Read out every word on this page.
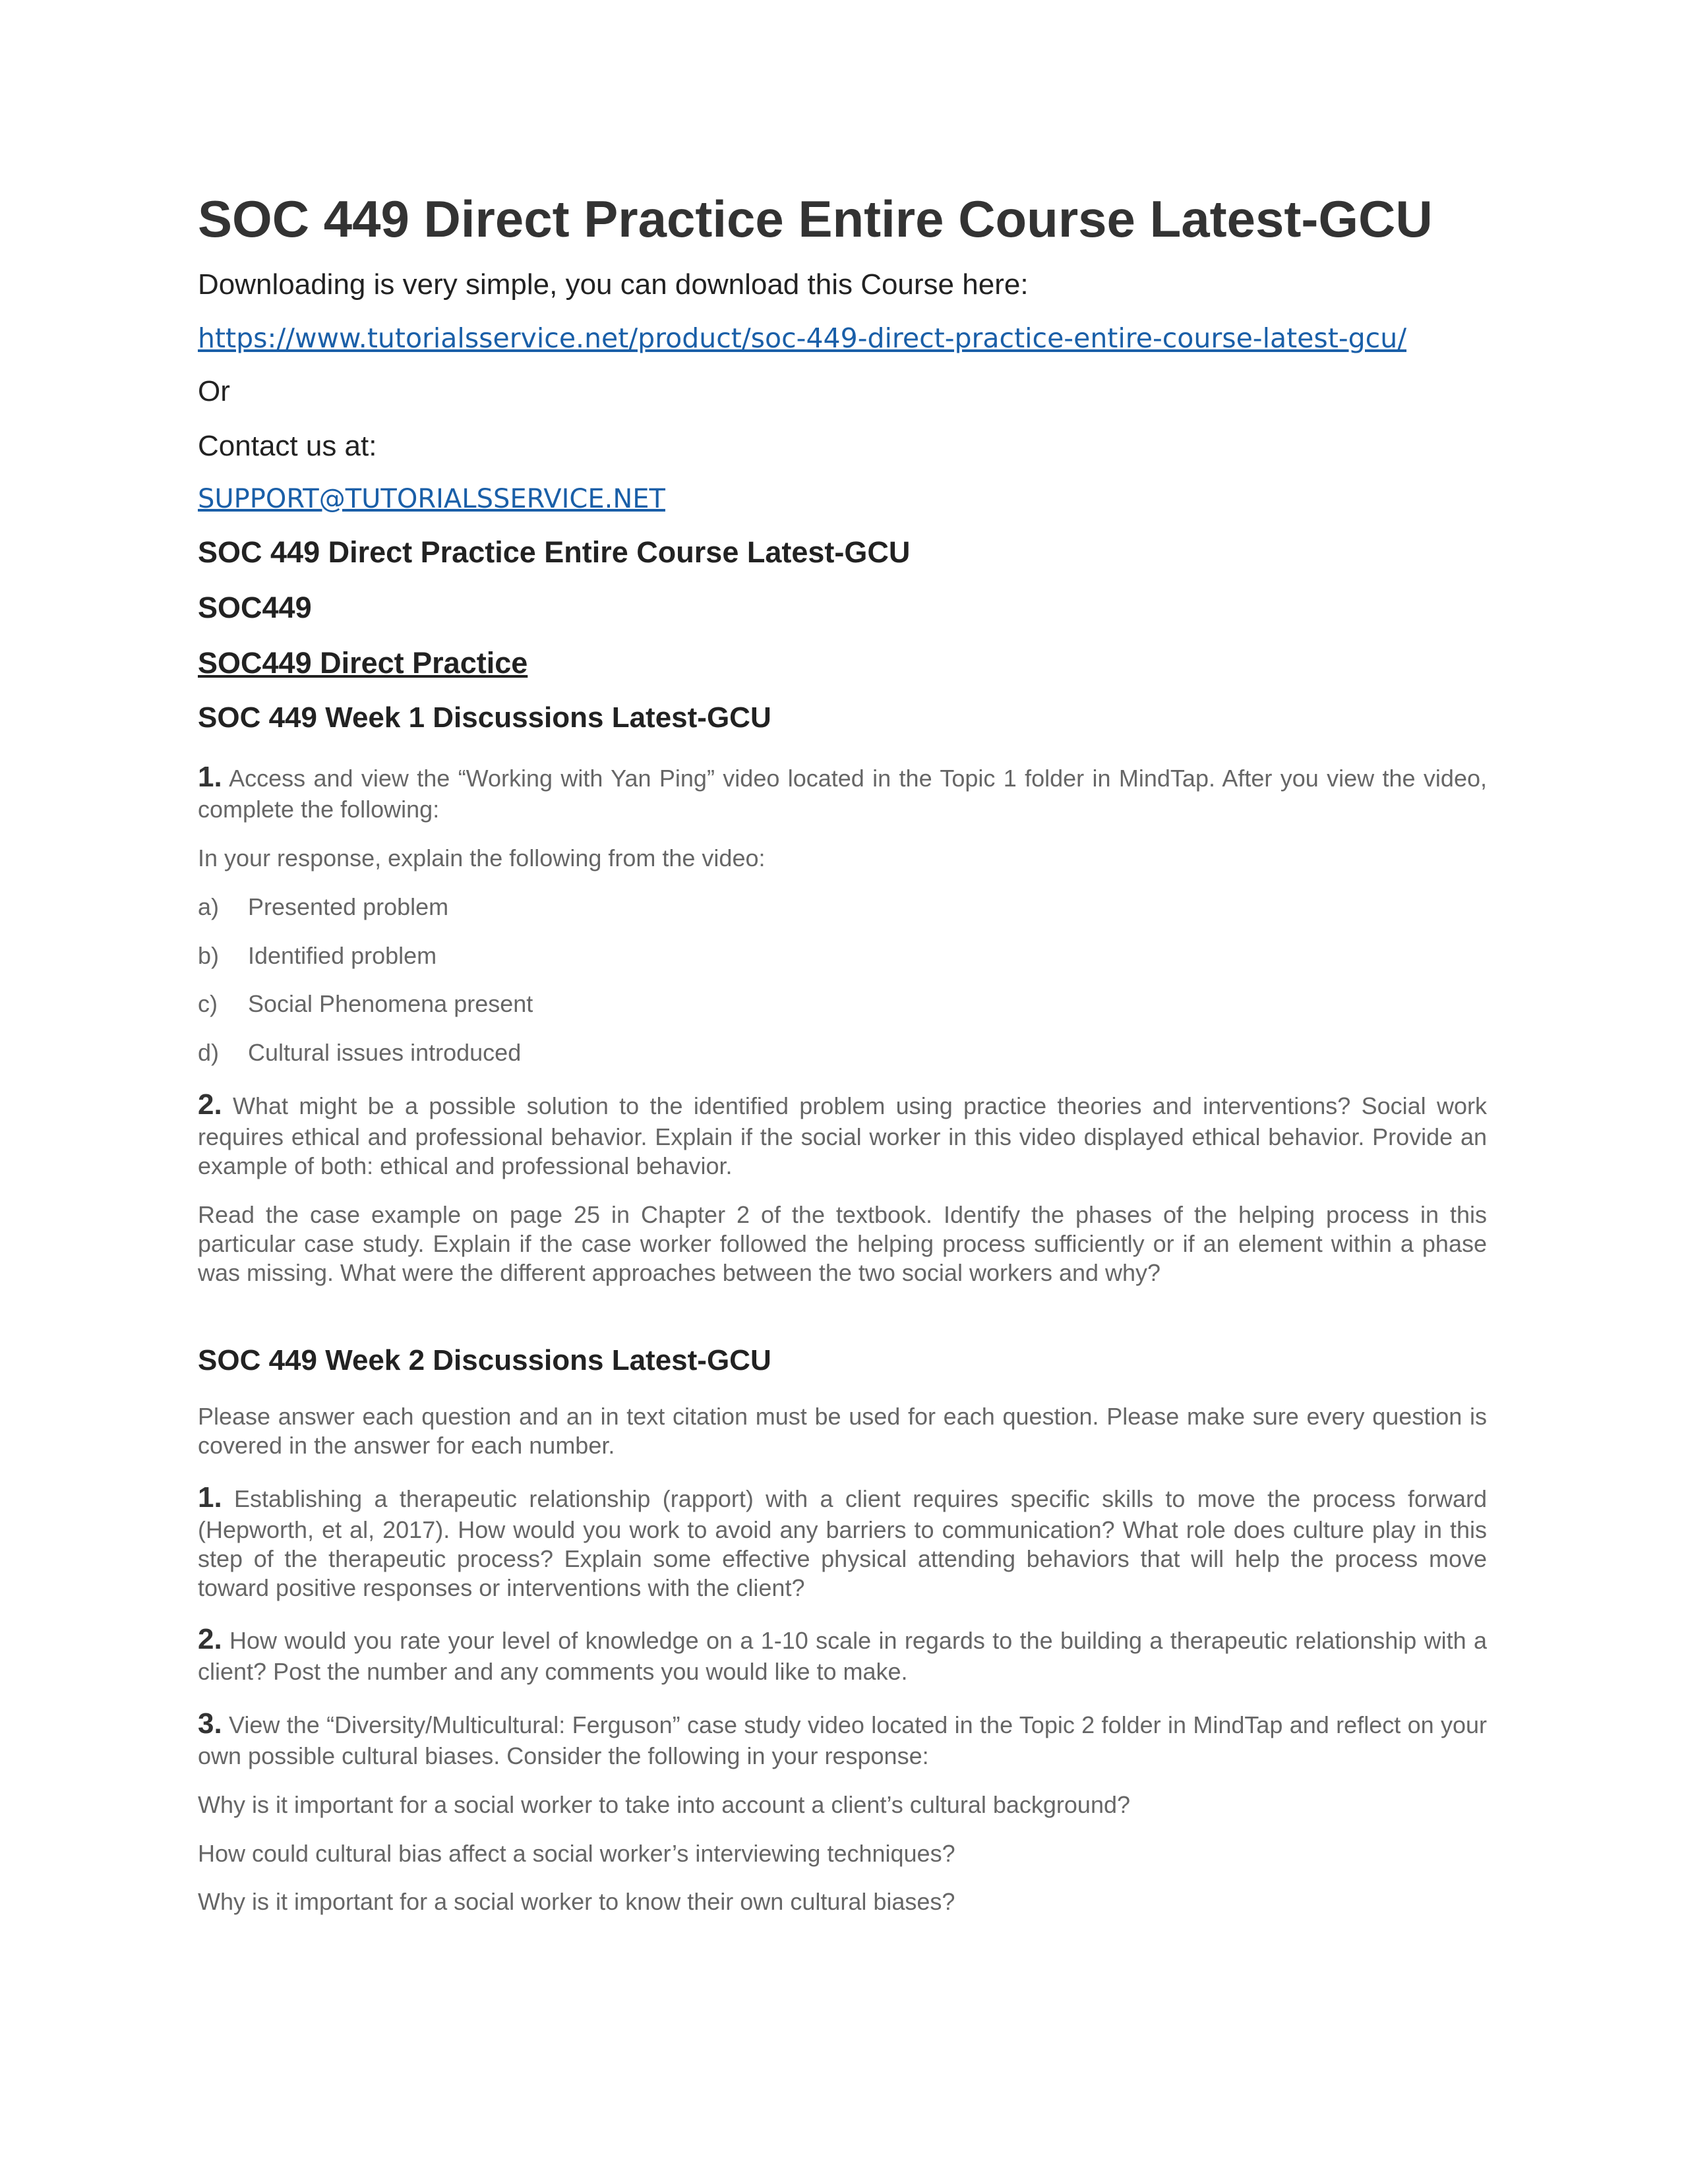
SOC 449 Direct Practice Entire Course Latest-GCU
Downloading is very simple, you can download this Course here:
https://www.tutorialsservice.net/product/soc-449-direct-practice-entire-course-latest-gcu/
Or
Contact us at:
SUPPORT@TUTORIALSSERVICE.NET
SOC 449 Direct Practice Entire Course Latest-GCU
SOC449
SOC449 Direct Practice
SOC 449 Week 1 Discussions Latest-GCU

1. Access and view the “Working with Yan Ping” video located in the Topic 1 folder in MindTap. After you view the video, complete the following:

In your response, explain the following from the video:

a)	Presented problem
b)	Identified problem
c)	Social Phenomena present
d)	Cultural issues introduced

2. What might be a possible solution to the identified problem using practice theories and interventions? Social work requires ethical and professional behavior. Explain if the social worker in this video displayed ethical behavior. Provide an example of both: ethical and professional behavior.

Read the case example on page 25 in Chapter 2 of the textbook. Identify the phases of the helping process in this particular case study. Explain if the case worker followed the helping process sufficiently or if an element within a phase was missing. What were the different approaches between the two social workers and why?

SOC 449 Week 2 Discussions Latest-GCU

Please answer each question and an in text citation must be used for each question. Please make sure every question is covered in the answer for each number.

1. Establishing a therapeutic relationship (rapport) with a client requires specific skills to move the process forward (Hepworth, et al, 2017). How would you work to avoid any barriers to communication? What role does culture play in this step of the therapeutic process? Explain some effective physical attending behaviors that will help the process move toward positive responses or interventions with the client?

2. How would you rate your level of knowledge on a 1-10 scale in regards to the building a therapeutic relationship with a client? Post the number and any comments you would like to make.

3. View the “Diversity/Multicultural: Ferguson” case study video located in the Topic 2 folder in MindTap and reflect on your own possible cultural biases. Consider the following in your response:

Why is it important for a social worker to take into account a client’s cultural background?

How could cultural bias affect a social worker’s interviewing techniques?

Why is it important for a social worker to know their own cultural biases?
